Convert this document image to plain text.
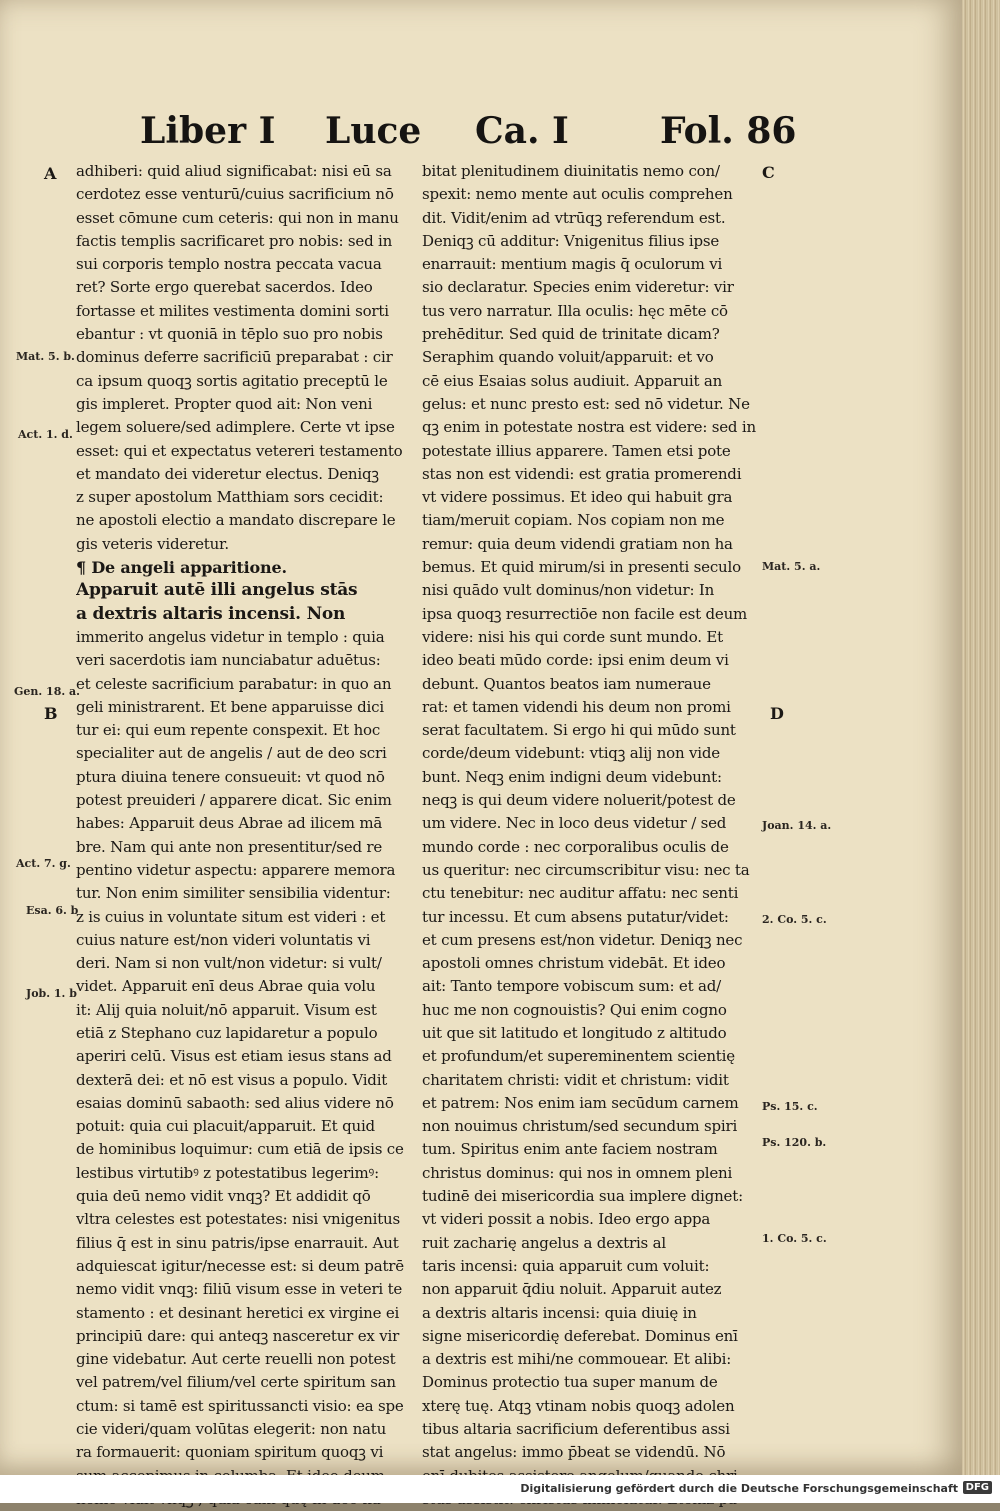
Liber I Luce Ca. I	Fol. 86
adhiberi: quid aliud significabat: nisi eū sa
cerdotez esse venturū/cuius sacrificium nō
esset cōmune cum ceteris: qui non in manu
factis templis sacrificaret pro nobis: sed in
sui corporis templo nostra peccata vacua
ret? Sorte ergo querebat sacerdos. Ideo
fortasse et milites vestimenta domini sorti
ebantur : vt quoniā in tēplo suo pro nobis
dominus deferre sacrificiū preparabat : cir
ca ipsum quoqꝫ sortis agitatio preceptū le
gis impleret. Propter quod ait: Non veni
legem soluere/sed adimplere. Certe vt ipse
esset: qui et expectatus vetereri testamento
et mandato dei videretur electus. Deniqꝫ
z super apostolum Matthiam sors cecidit:
ne apostoli electio a mandato discrepare le
gis veteris videretur.
¶ De angeli apparitione.
Apparuit autē illi angelus stās
a dextris altaris incensi. Non
immerito angelus videtur in templo : quia
veri sacerdotis iam nunciabatur aduētus:
et celeste sacrificium parabatur: in quo an
geli ministrarent. Et bene apparuisse dici
tur ei: qui eum repente conspexit. Et hoc
specialiter aut de angelis / aut de deo scri
ptura diuina tenere consueuit: vt quod nō
potest preuideri / apparere dicat. Sic enim
habes: Apparuit deus Abrae ad ilicem mā
bre. Nam qui ante non presentitur/sed re
pentino videtur aspectu: apparere memora
tur. Non enim similiter sensibilia videntur:
z is cuius in voluntate situm est videri : et
cuius nature est/non videri voluntatis vi
deri. Nam si non vult/non videtur: si vult/
videt. Apparuit enī deus Abrae quia volu
it: Alij quia noluit/nō apparuit. Visum est
etiā z Stephano cuz lapidaretur a populo
aperiri celū. Visus est etiam iesus stans ad
dexterā dei: et nō est visus a populo. Vidit
esaias dominū sabaoth: sed alius videre nō
potuit: quia cui placuit/apparuit. Et quid
de hominibus loquimur: cum etiā de ipsis ce
lestibus virtutibꝰ z potestatibus legerimꝰ:
quia deū nemo vidit vnqꝫ? Et addidit qō
vltra celestes est potestates: nisi vnigenitus
filius q̄ est in sinu patris/ipse enarrauit. Aut
adquiescat igitur/necesse est: si deum patrē
nemo vidit vnqꝫ: filiū visum esse in veteri te
stamento : et desinant heretici ex virgine ei
principiū dare: qui anteqꝫ nasceretur ex vir
gine videbatur. Aut certe reuelli non potest
vel patrem/vel filium/vel certe spiritum san
ctum: si tamē est spiritussancti visio: ea spe
cie videri/quam volūtas elegerit: non natu
ra formauerit: quoniam spiritum quoqꝫ vi
bitat plenitudinem diuinitatis nemo con/
spexit: nemo mente aut oculis comprehen
dit. Vidit/enim ad vtrūqꝫ referendum est.
Deniqꝫ cū additur: Vnigenitus filius ipse
enarrauit: mentium magis q̄ oculorum vi
sio declaratur. Species enim videretur: vir
tus vero narratur. Illa oculis: hęc mēte cō
prehēditur. Sed quid de trinitate dicam?
Seraphim quando voluit/apparuit: et vo
cē eius Esaias solus audiuit. Apparuit an
gelus: et nunc presto est: sed nō videtur. Ne
qꝫ enim in potestate nostra est videre: sed in
potestate illius apparere. Tamen etsi pote
stas non est videndi: est gratia promerendi
vt videre possimus. Et ideo qui habuit gra
tiam/meruit copiam. Nos copiam non me
remur: quia deum videndi gratiam non ha
bemus. Et quid mirum/si in presenti seculo
nisi quādo vult dominus/non videtur: In
ipsa quoqꝫ resurrectiōe non facile est deum
videre: nisi his qui corde sunt mundo. Et
ideo beati mūdo corde: ipsi enim deum vi
debunt. Quantos beatos iam numeraue
rat: et tamen videndi his deum non promi
serat facultatem. Si ergo hi qui mūdo sunt
corde/deum videbunt: vtiqꝫ alij non vide
bunt. Neqꝫ enim indigni deum videbunt:
neqꝫ is qui deum videre noluerit/potest de
um videre. Nec in loco deus videtur / sed
mundo corde : nec corporalibus oculis de
us queritur: nec circumscribitur visu: nec ta
ctu tenebitur: nec auditur affatu: nec senti
tur incessu. Et cum absens putatur/videt:
et cum presens est/non videtur. Deniqꝫ nec
apostoli omnes christum videbāt. Et ideo
ait: Tanto tempore vobiscum sum: et ad/
huc me non cognouistis? Qui enim cogno
uit que sit latitudo et longitudo z altitudo
et profundum/et supereminentem scientię
charitatem christi: vidit et christum: vidit
et patrem: Nos enim iam secūdum carnem
non nouimus christum/sed secundum spiri
tum. Spiritus enim ante faciem nostram
christus dominus: qui nos in omnem pleni
tudinē dei misericordia sua implere dignet:
vt videri possit a nobis. Ideo ergo appa
ruit zacharię angelus a dextris al
taris incensi: quia apparuit cum voluit:
non apparuit q̄diu noluit. Apparuit autez
a dextris altaris incensi: quia diuię in
signe misericordię deferebat. Dominus enī
a dextris est mihi/ne commouear. Et alibi:
Dominus protectio tua super manum de
xterę tuę. Atqꝫ vtinam nobis quoqꝫ adolen
tibus altaria sacrificium deferentibus assi
stat angelus: immo p̄beat se videndū. Nō
A
Mat. 5. b.
Act. 1. d.
Gen. 18. a.
B
Act. 7. g.
Esa. 6. b
Job. 1. b
C
Mat. 5. a.
D
Joan. 14. a.
2. Co. 5. c.
Ps. 15. c.
Ps. 120. b.
1. Co. 5. c.
Digitalisierung gefördert durch die Deutsche Forschungsgemeinschaft DFG
